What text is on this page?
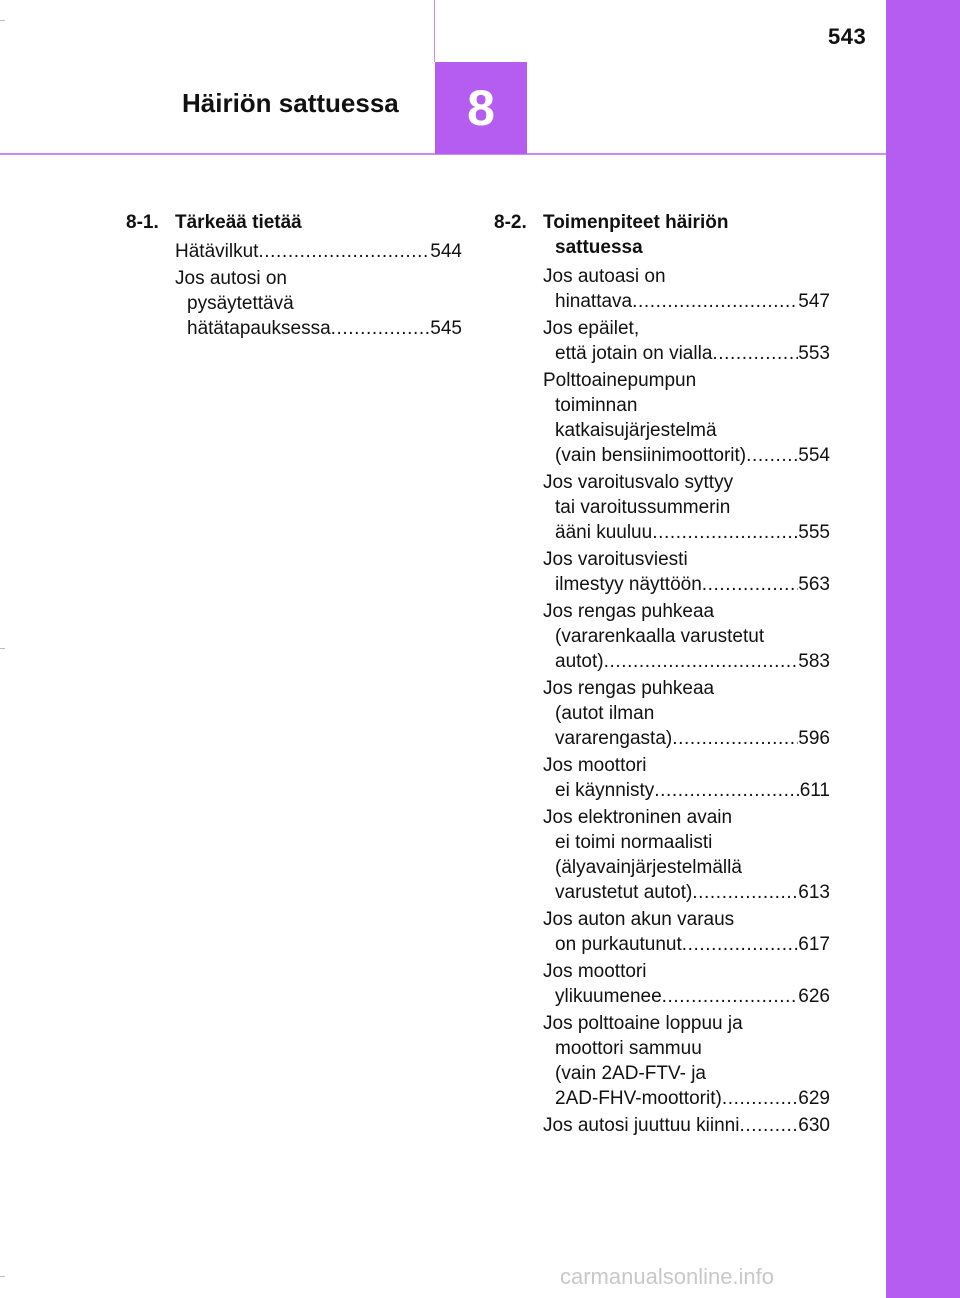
543
Häiriön sattuessa 8
8-1. Tärkeää tietää
Hätävilkut .....	544
Jos autosi on
pysäytettävä
hätätapauksessa .....	545
8-2. Toimenpiteet häiriön
sattuessa
Jos autoasi on
hinattava .....	547
Jos epäilet,
että jotain on vialla .....	553
Polttoainepumpun
toiminnan
katkaisujärjestelmä
(vain bensiinimoottorit) .....	554
Jos varoitusvalo syttyy
tai varoitussummerin
ääni kuuluu .....	555
Jos varoitusviesti
ilmestyy näyttöön .....	563
Jos rengas puhkeaa
(vararenkaalla varustetut
autot) .....	583
Jos rengas puhkeaa
(autot ilman
vararengasta) .....	596
Jos moottori
ei käynnisty .....	611
Jos elektroninen avain
ei toimi normaalisti
(älyavainjärjestelmällä
varustetut autot) .....	613
Jos auton akun varaus
on purkautunut .....	617
Jos moottori
ylikuumenee .....	626
Jos polttoaine loppuu ja
moottori sammuu
(vain 2AD-FTV- ja
2AD-FHV-moottorit) .....	629
Jos autosi juuttuu kiinni .....	630
carmanualsonline.info
